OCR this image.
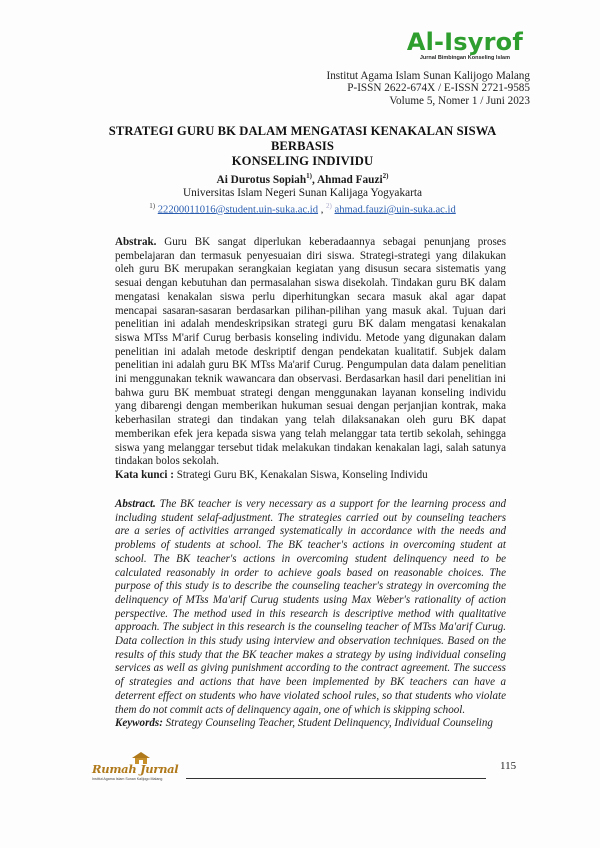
Al-Isyrof
Jurnal Bimbingan Konseling Islam
Institut Agama Islam Sunan Kalijogo Malang
P-ISSN 2622-674X / E-ISSN 2721-9585
Volume 5, Nomer 1 / Juni 2023
STRATEGI GURU BK DALAM MENGATASI KENAKALAN SISWA BERBASIS
KONSELING INDIVIDU
Ai Durotus Sopiah$^{1)}$, Ahmad Fauzi$^{2)}$
Universitas Islam Negeri Sunan Kalijaga Yogyakarta
$^{1)}$ 22200011016@student.uin-suka.ac.id , $^{2)}$ ahmad.fauzi@uin-suka.ac.id
Abstrak. Guru BK sangat diperlukan keberadaannya sebagai penunjang proses pembelajaran dan termasuk penyesuaian diri siswa. Strategi-strategi yang dilakukan oleh guru BK merupakan serangkaian kegiatan yang disusun secara sistematis yang sesuai dengan kebutuhan dan permasalahan siswa disekolah. Tindakan guru BK dalam mengatasi kenakalan siswa perlu diperhitungkan secara masuk akal agar dapat mencapai sasaran-sasaran berdasarkan pilihan-pilihan yang masuk akal. Tujuan dari penelitian ini adalah mendeskripsikan strategi guru BK dalam mengatasi kenakalan siswa MTss M'arif Curug berbasis konseling individu. Metode yang digunakan dalam penelitian ini adalah metode deskriptif dengan pendekatan kualitatif. Subjek dalam penelitian ini adalah guru BK MTss Ma'arif Curug. Pengumpulan data dalam penelitian ini menggunakan teknik wawancara dan observasi. Berdasarkan hasil dari penelitian ini bahwa guru BK membuat strategi dengan menggunakan layanan konseling individu yang dibarengi dengan memberikan hukuman sesuai dengan perjanjian kontrak, maka keberhasilan strategi dan tindakan yang telah dilaksanakan oleh guru BK dapat memberikan efek jera kepada siswa yang telah melanggar tata tertib sekolah, sehingga siswa yang melanggar tersebut tidak melakukan tindakan kenakalan lagi, salah satunya tindakan bolos sekolah.
Kata kunci : Strategi Guru BK, Kenakalan Siswa, Konseling Individu
Abstract. The BK teacher is very necessary as a support for the learning process and including student selaf-adjustment. The strategies carried out by counseling teachers are a series of activities arranged systematically in accordance with the needs and problems of students at school. The BK teacher's actions in overcoming student at school. The BK teacher's actions in overcoming student delinquency need to be calculated reasonably in order to achieve goals based on reasonable choices. The purpose of this study is to describe the counseling teacher's strategy in overcoming the delinquency of MTss Ma'arif Curug students using Max Weber's rationality of action perspective. The method used in this research is descriptive method with qualitative approach. The subject in this research is the counseling teacher of MTss Ma'arif Curug. Data collection in this study using interview and observation techniques. Based on the results of this study that the BK teacher makes a strategy by using individual conseling services as well as giving punishment according to the contract agreement. The success of strategies and actions that have been implemented by BK teachers can have a deterrent effect on students who have violated school rules, so that students who violate them do not commit acts of delinquency again, one of which is skipping school.
Keywords: Strategy Counseling Teacher, Student Delinquency, Individual Counseling
Rumah Jurnal
Institut Agama Islam Sunan Kalijogo Malang
115
